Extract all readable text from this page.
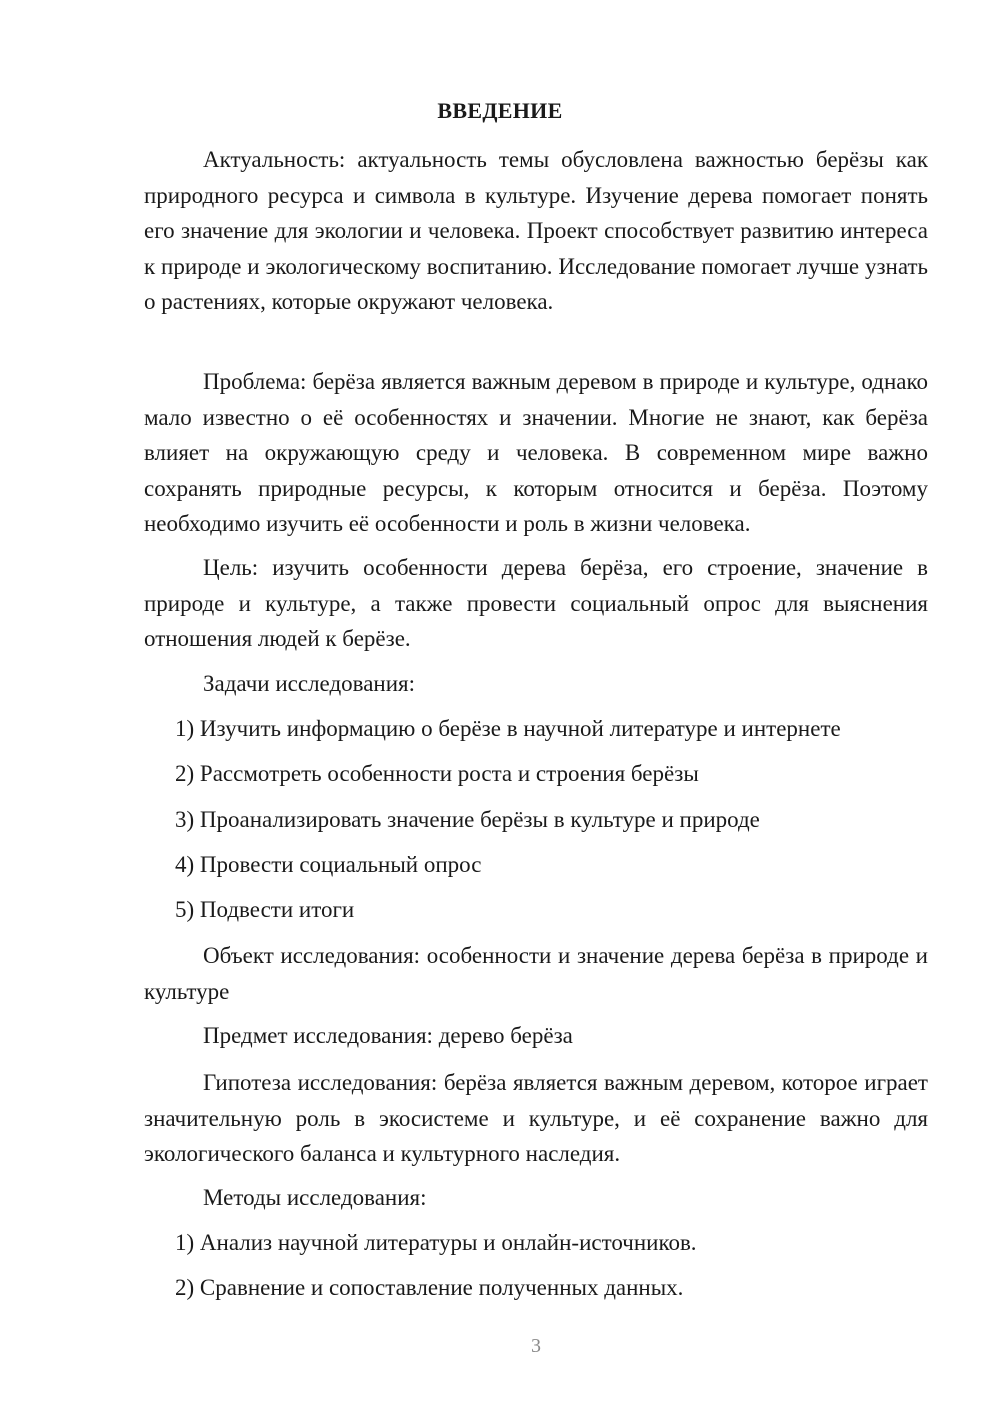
ВВЕДЕНИЕ

Актуальность: актуальность темы обусловлена важностью берёзы как природного ресурса и символа в культуре. Изучение дерева помогает понять его значение для экологии и человека. Проект способствует развитию интереса к природе и экологическому воспитанию. Исследование помогает лучше узнать о растениях, которые окружают человека.

Проблема: берёза является важным деревом в природе и культуре, однако мало известно о её особенностях и значении. Многие не знают, как берёза влияет на окружающую среду и человека. В современном мире важно сохранять природные ресурсы, к которым относится и берёза. Поэтому необходимо изучить её особенности и роль в жизни человека.

Цель: изучить особенности дерева берёза, его строение, значение в природе и культуре, а также провести социальный опрос для выяснения отношения людей к берёзе.

Задачи исследования:

1) Изучить информацию о берёзе в научной литературе и интернете

2) Рассмотреть особенности роста и строения берёзы

3) Проанализировать значение берёзы в культуре и природе

4) Провести социальный опрос

5) Подвести итоги

Объект исследования: особенности и значение дерева берёза в природе и культуре

Предмет исследования: дерево берёза

Гипотеза исследования: берёза является важным деревом, которое играет значительную роль в экосистеме и культуре, и её сохранение важно для экологического баланса и культурного наследия.

Методы исследования:

1) Анализ научной литературы и онлайн-источников.

2) Сравнение и сопоставление полученных данных.

3
